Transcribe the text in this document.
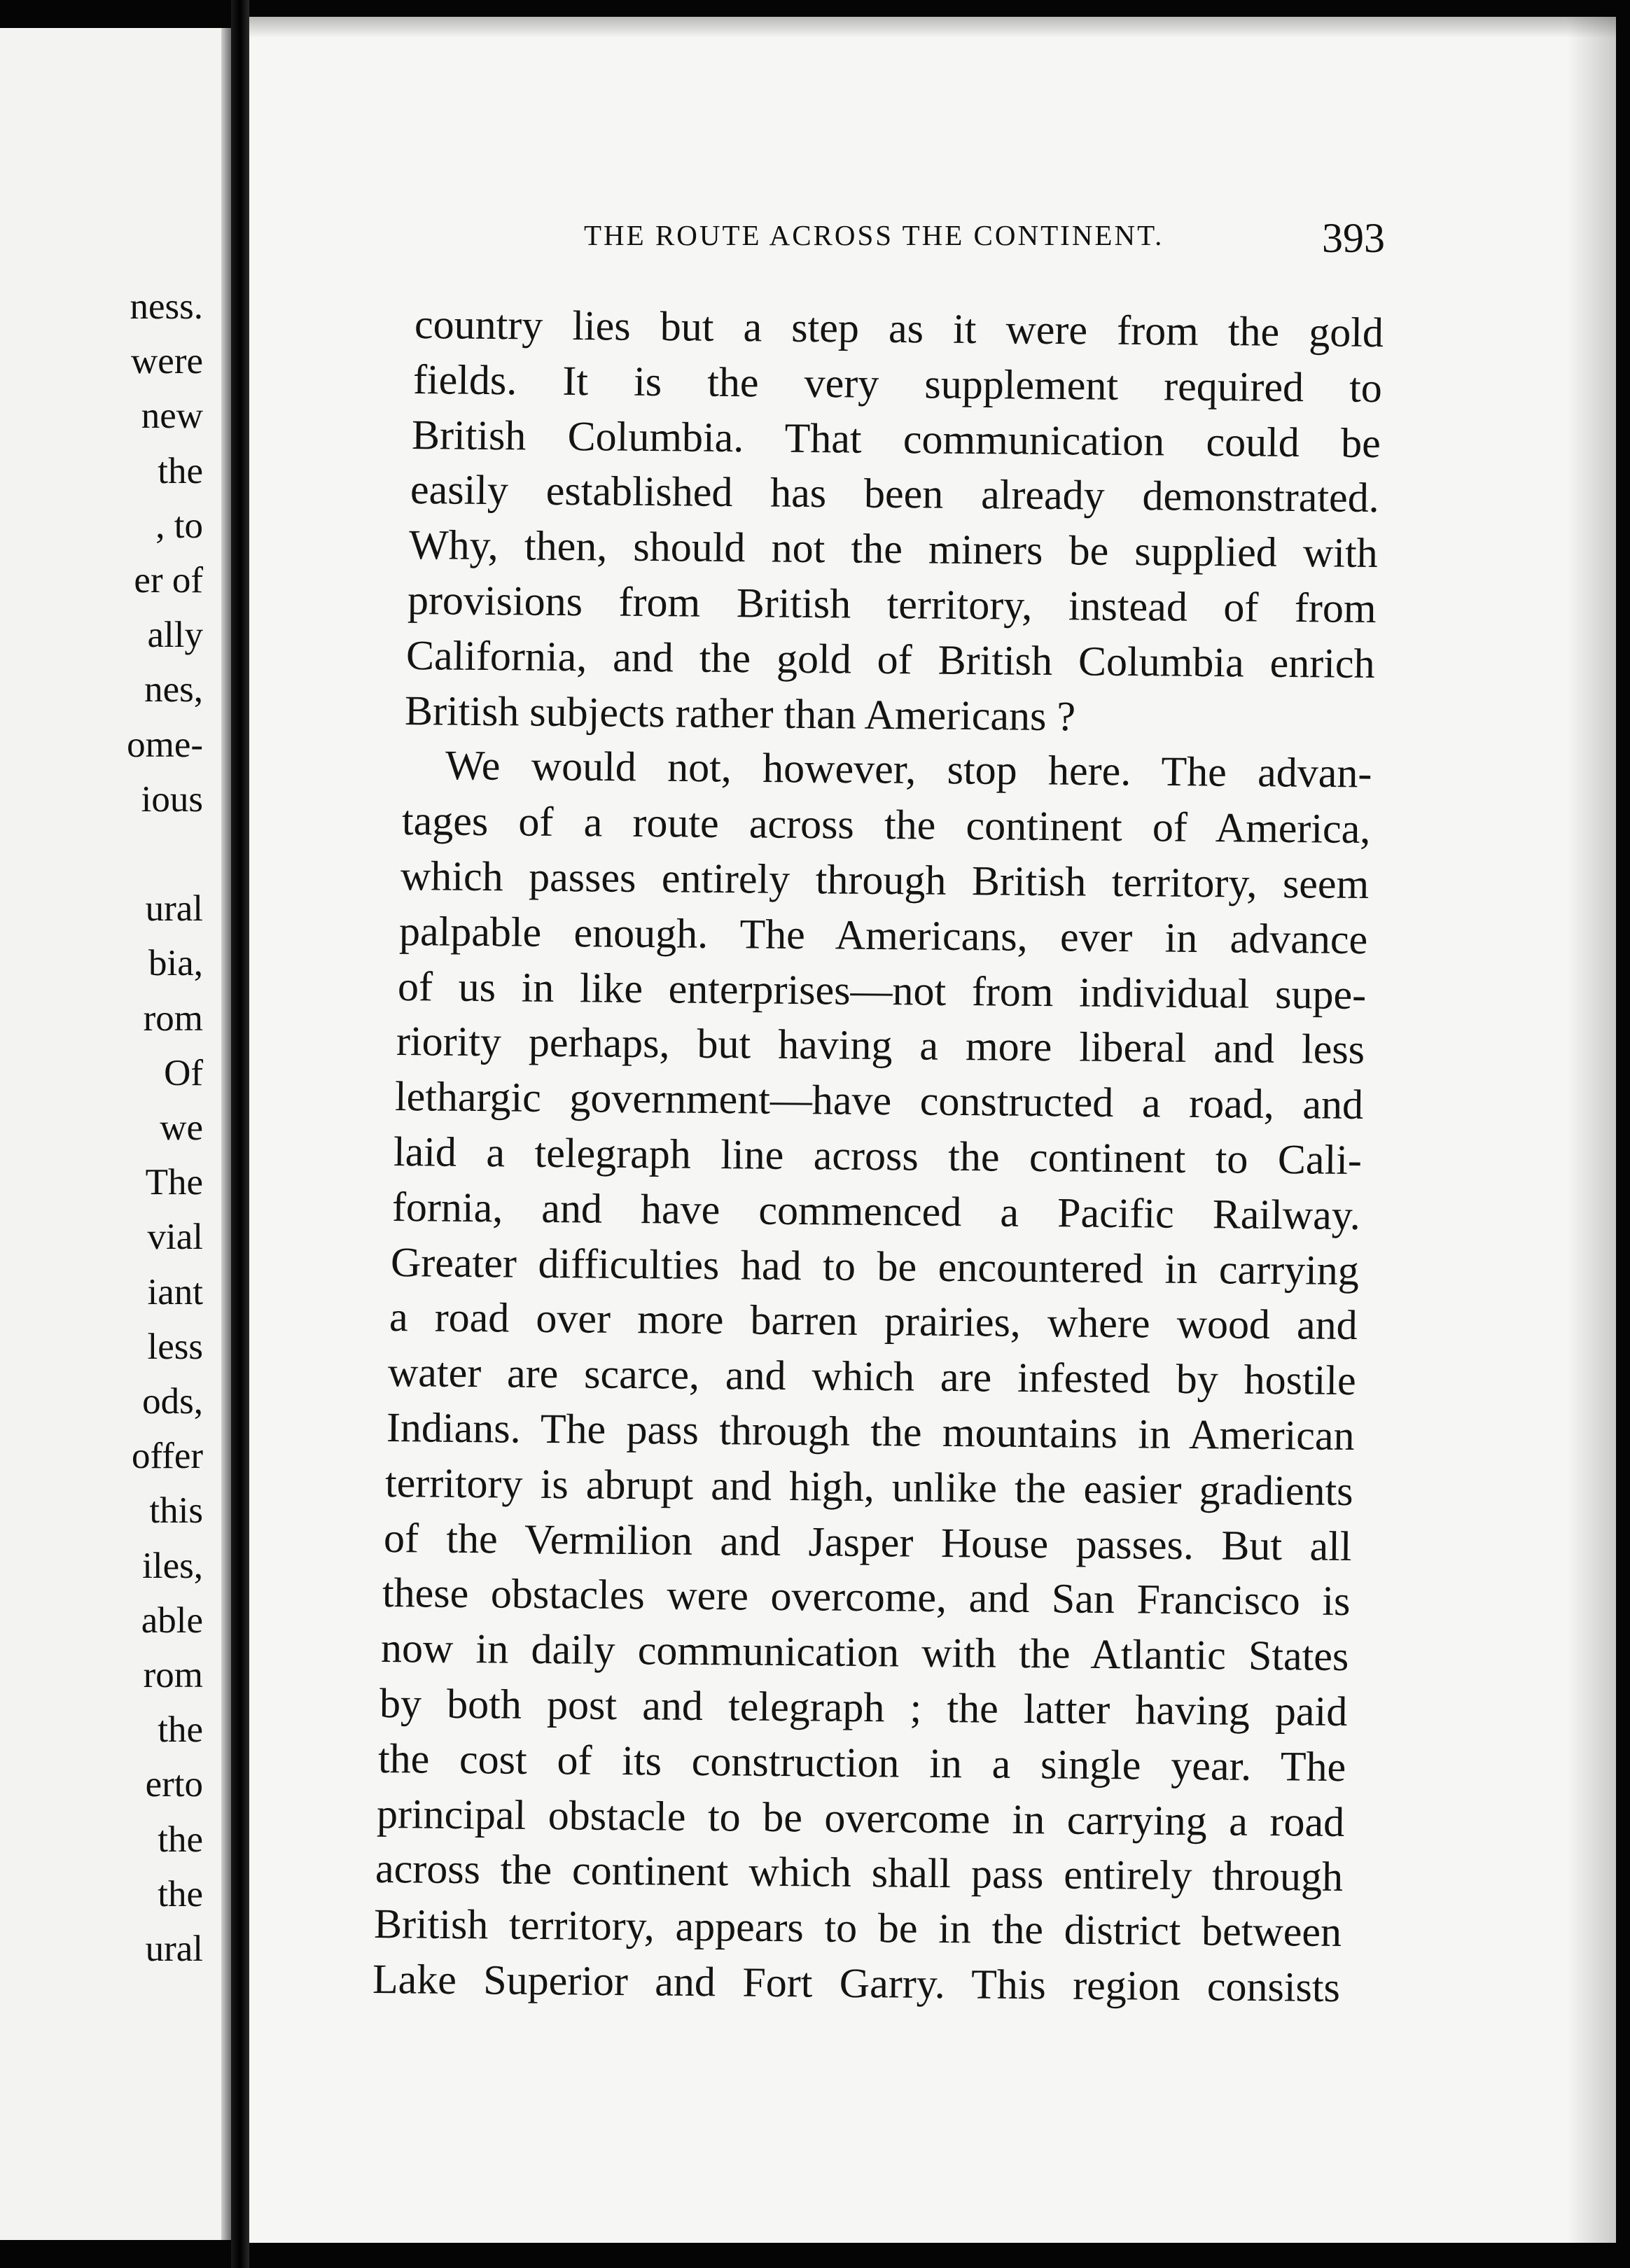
ness.
were
new
the
, to
er of
ally
nes,
ome-
ious
ural
bia,
rom
Of
we
The
vial
iant
less
ods,
offer
this
iles,
able
rom
the
erto
the
the
ural
THE ROUTE ACROSS THE CONTINENT.	393
country lies but a step as it were from the gold
fields. It is the very supplement required to
British Columbia. That communication could be
easily established has been already demonstrated.
Why, then, should not the miners be supplied with
provisions from British territory, instead of from
California, and the gold of British Columbia enrich
British subjects rather than Americans ?
We would not, however, stop here. The advan-
tages of a route across the continent of America,
which passes entirely through British territory, seem
palpable enough. The Americans, ever in advance
of us in like enterprises—not from individual supe-
riority perhaps, but having a more liberal and less
lethargic government—have constructed a road, and
laid a telegraph line across the continent to Cali-
fornia, and have commenced a Pacific Railway.
Greater difficulties had to be encountered in carrying
a road over more barren prairies, where wood and
water are scarce, and which are infested by hostile
Indians. The pass through the mountains in American
territory is abrupt and high, unlike the easier gradients
of the Vermilion and Jasper House passes. But all
these obstacles were overcome, and San Francisco is
now in daily communication with the Atlantic States
by both post and telegraph ; the latter having paid
the cost of its construction in a single year. The
principal obstacle to be overcome in carrying a road
across the continent which shall pass entirely through
British territory, appears to be in the district between
Lake Superior and Fort Garry. This region consists
